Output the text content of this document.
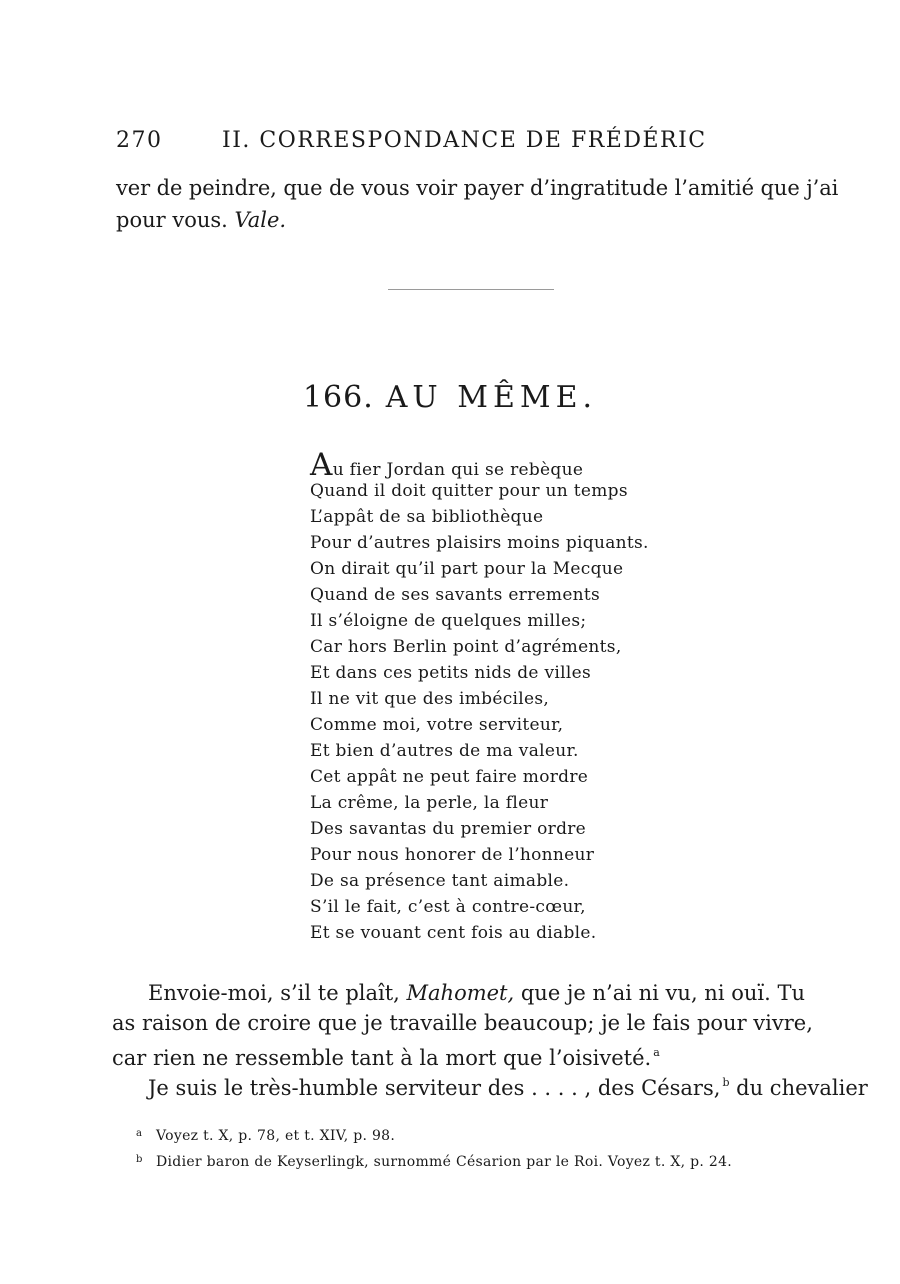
270	II. CORRESPONDANCE DE FRÉDÉRIC

ver de peindre, que de vous voir payer d’ingratitude l’amitié que j’ai

pour vous. Vale.

166. AU MÊME.
Au fier Jordan qui se rebèque
Quand il doit quitter pour un temps
L’appât de sa bibliothèque
Pour d’autres plaisirs moins piquants.
On dirait qu’il part pour la Mecque
Quand de ses savants errements
Il s’éloigne de quelques milles;
Car hors Berlin point d’agréments,
Et dans ces petits nids de villes
Il ne vit que des imbéciles,
Comme moi, votre serviteur,
Et bien d’autres de ma valeur.
Cet appât ne peut faire mordre
La crême, la perle, la fleur
Des savantas du premier ordre
Pour nous honorer de l’honneur
De sa présence tant aimable.
S’il le fait, c’est à contre-cœur,
Et se vouant cent fois au diable.
Envoie-moi, s’il te plaît, Mahomet, que je n’ai ni vu, ni ouï. Tu
as raison de croire que je travaille beaucoup; je le fais pour vivre,
car rien ne ressemble tant à la mort que l’oisiveté. $^a$
Je suis le très-humble serviteur des . . . . , des Césars, $^b$ du chevalier
a Voyez t. X, p. 78, et t. XIV, p. 98.
b Didier baron de Keyserlingk, surnommé Césarion par le Roi. Voyez t. X, p. 24.
